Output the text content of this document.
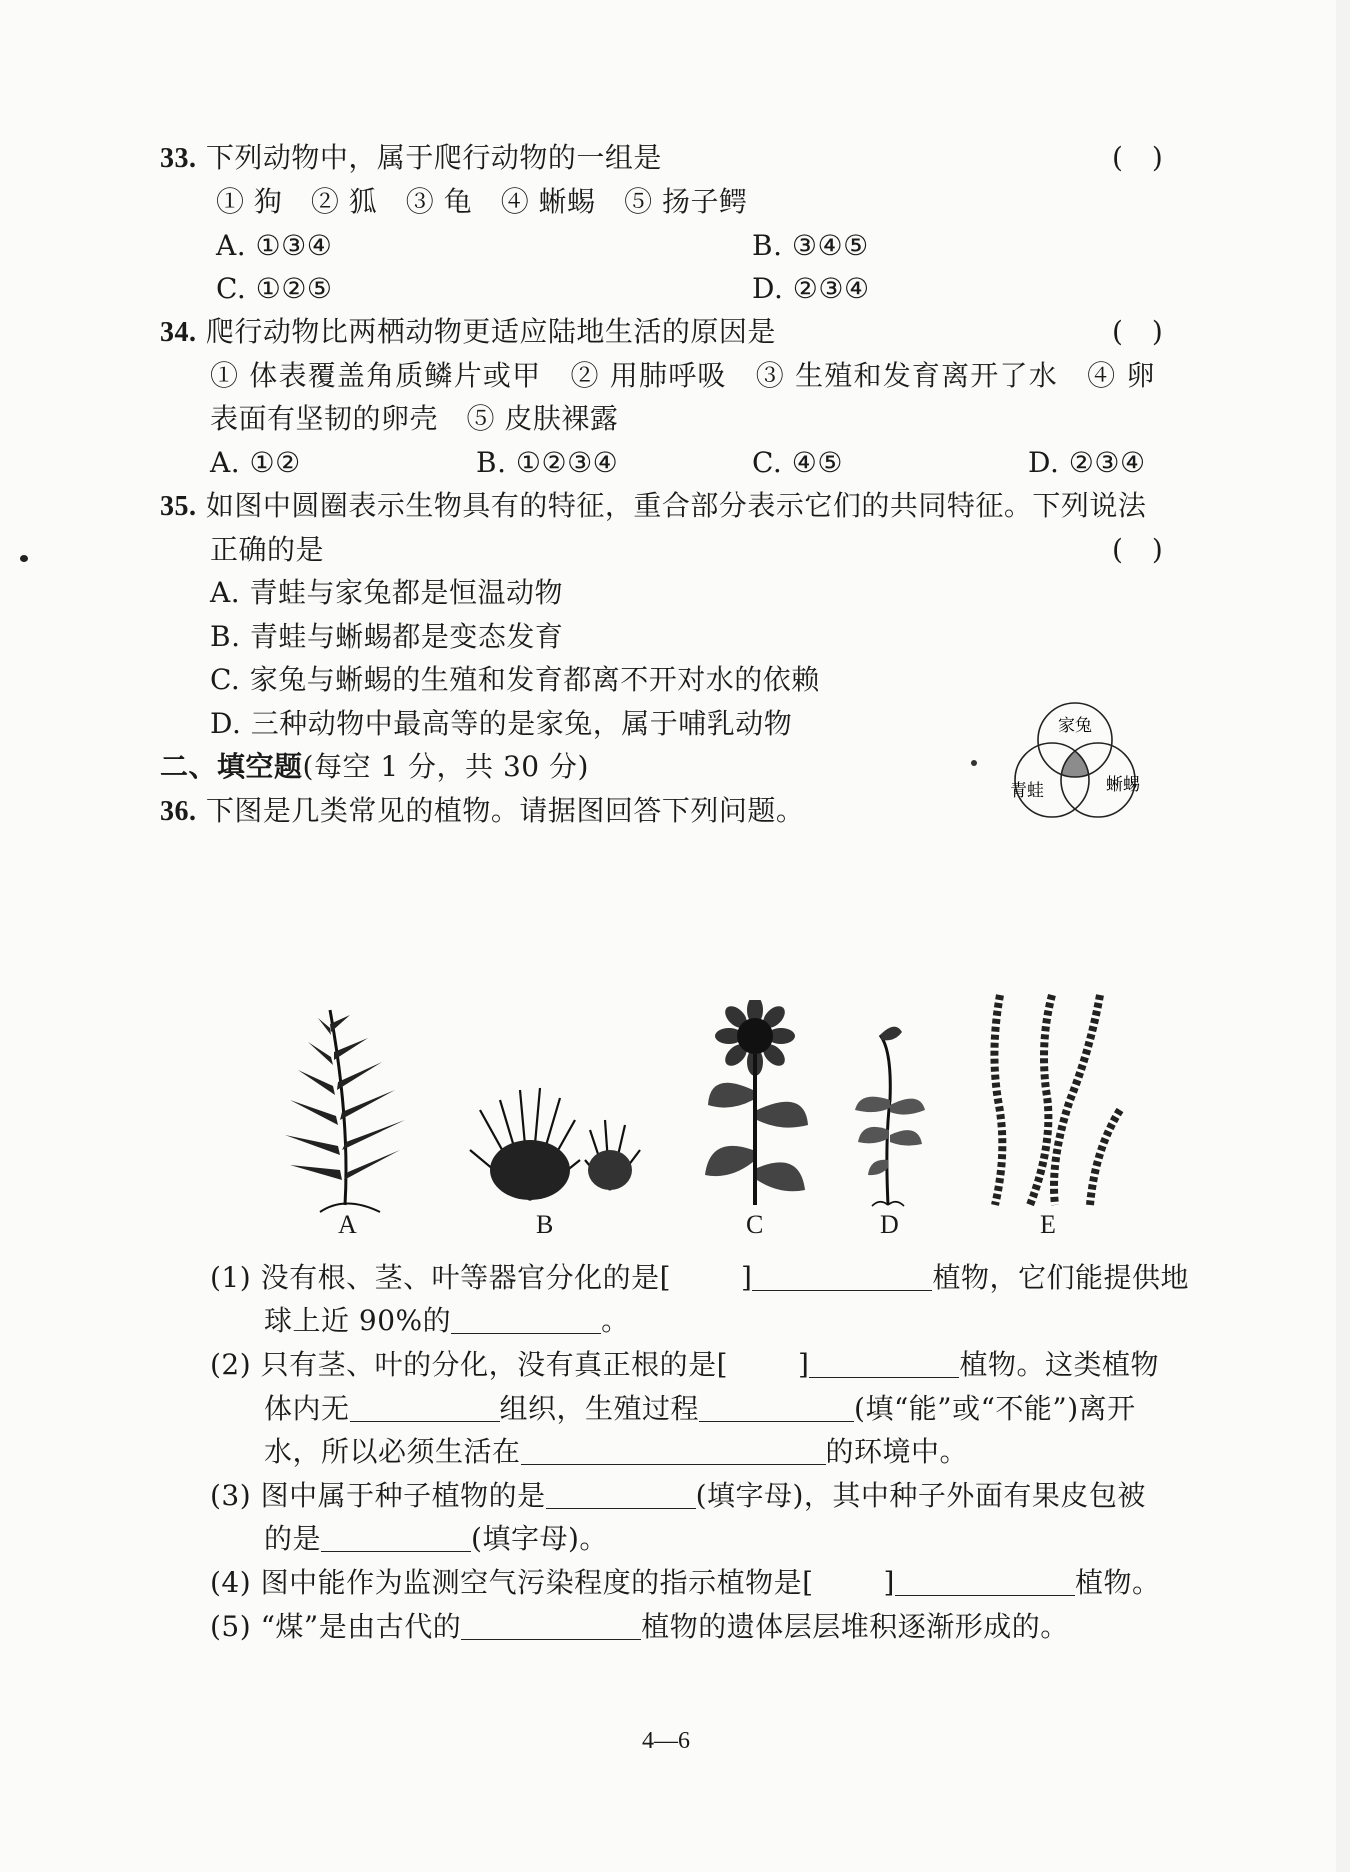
33. 下列动物中，属于爬行动物的一组是	(　)
① 狗　② 狐　③ 龟　④ 蜥蜴　⑤ 扬子鳄
A. ①③④	B. ③④⑤
C. ①②⑤	D. ②③④
34. 爬行动物比两栖动物更适应陆地生活的原因是	(　)
① 体表覆盖角质鳞片或甲　② 用肺呼吸　③ 生殖和发育离开了水　④ 卵
表面有坚韧的卵壳　⑤ 皮肤裸露
A. ①②	B. ①②③④	C. ④⑤	D. ②③④
35. 如图中圆圈表示生物具有的特征，重合部分表示它们的共同特征。下列说法
正确的是	(　)
A. 青蛙与家兔都是恒温动物
B. 青蛙与蜥蜴都是变态发育
C. 家兔与蜥蜴的生殖和发育都离不开对水的依赖
D. 三种动物中最高等的是家兔，属于哺乳动物	家兔
青蛙	蜥蜴
二、填空题(每空 1 分，共 30 分)
36. 下图是几类常见的植物。请据图回答下列问题。
A	B	C	D	E
(1) 没有根、茎、叶等器官分化的是[	]	植物，它们能提供地
球上近 90%的	。
(2) 只有茎、叶的分化，没有真正根的是[	]	植物。这类植物
体内无	组织，生殖过程	(填“能”或“不能”)离开
水，所以必须生活在	的环境中。
(3) 图中属于种子植物的是	(填字母)，其中种子外面有果皮包被
的是	(填字母)。
(4) 图中能作为监测空气污染程度的指示植物是[	]	植物。
(5) “煤”是由古代的	植物的遗体层层堆积逐渐形成的。
4—6
